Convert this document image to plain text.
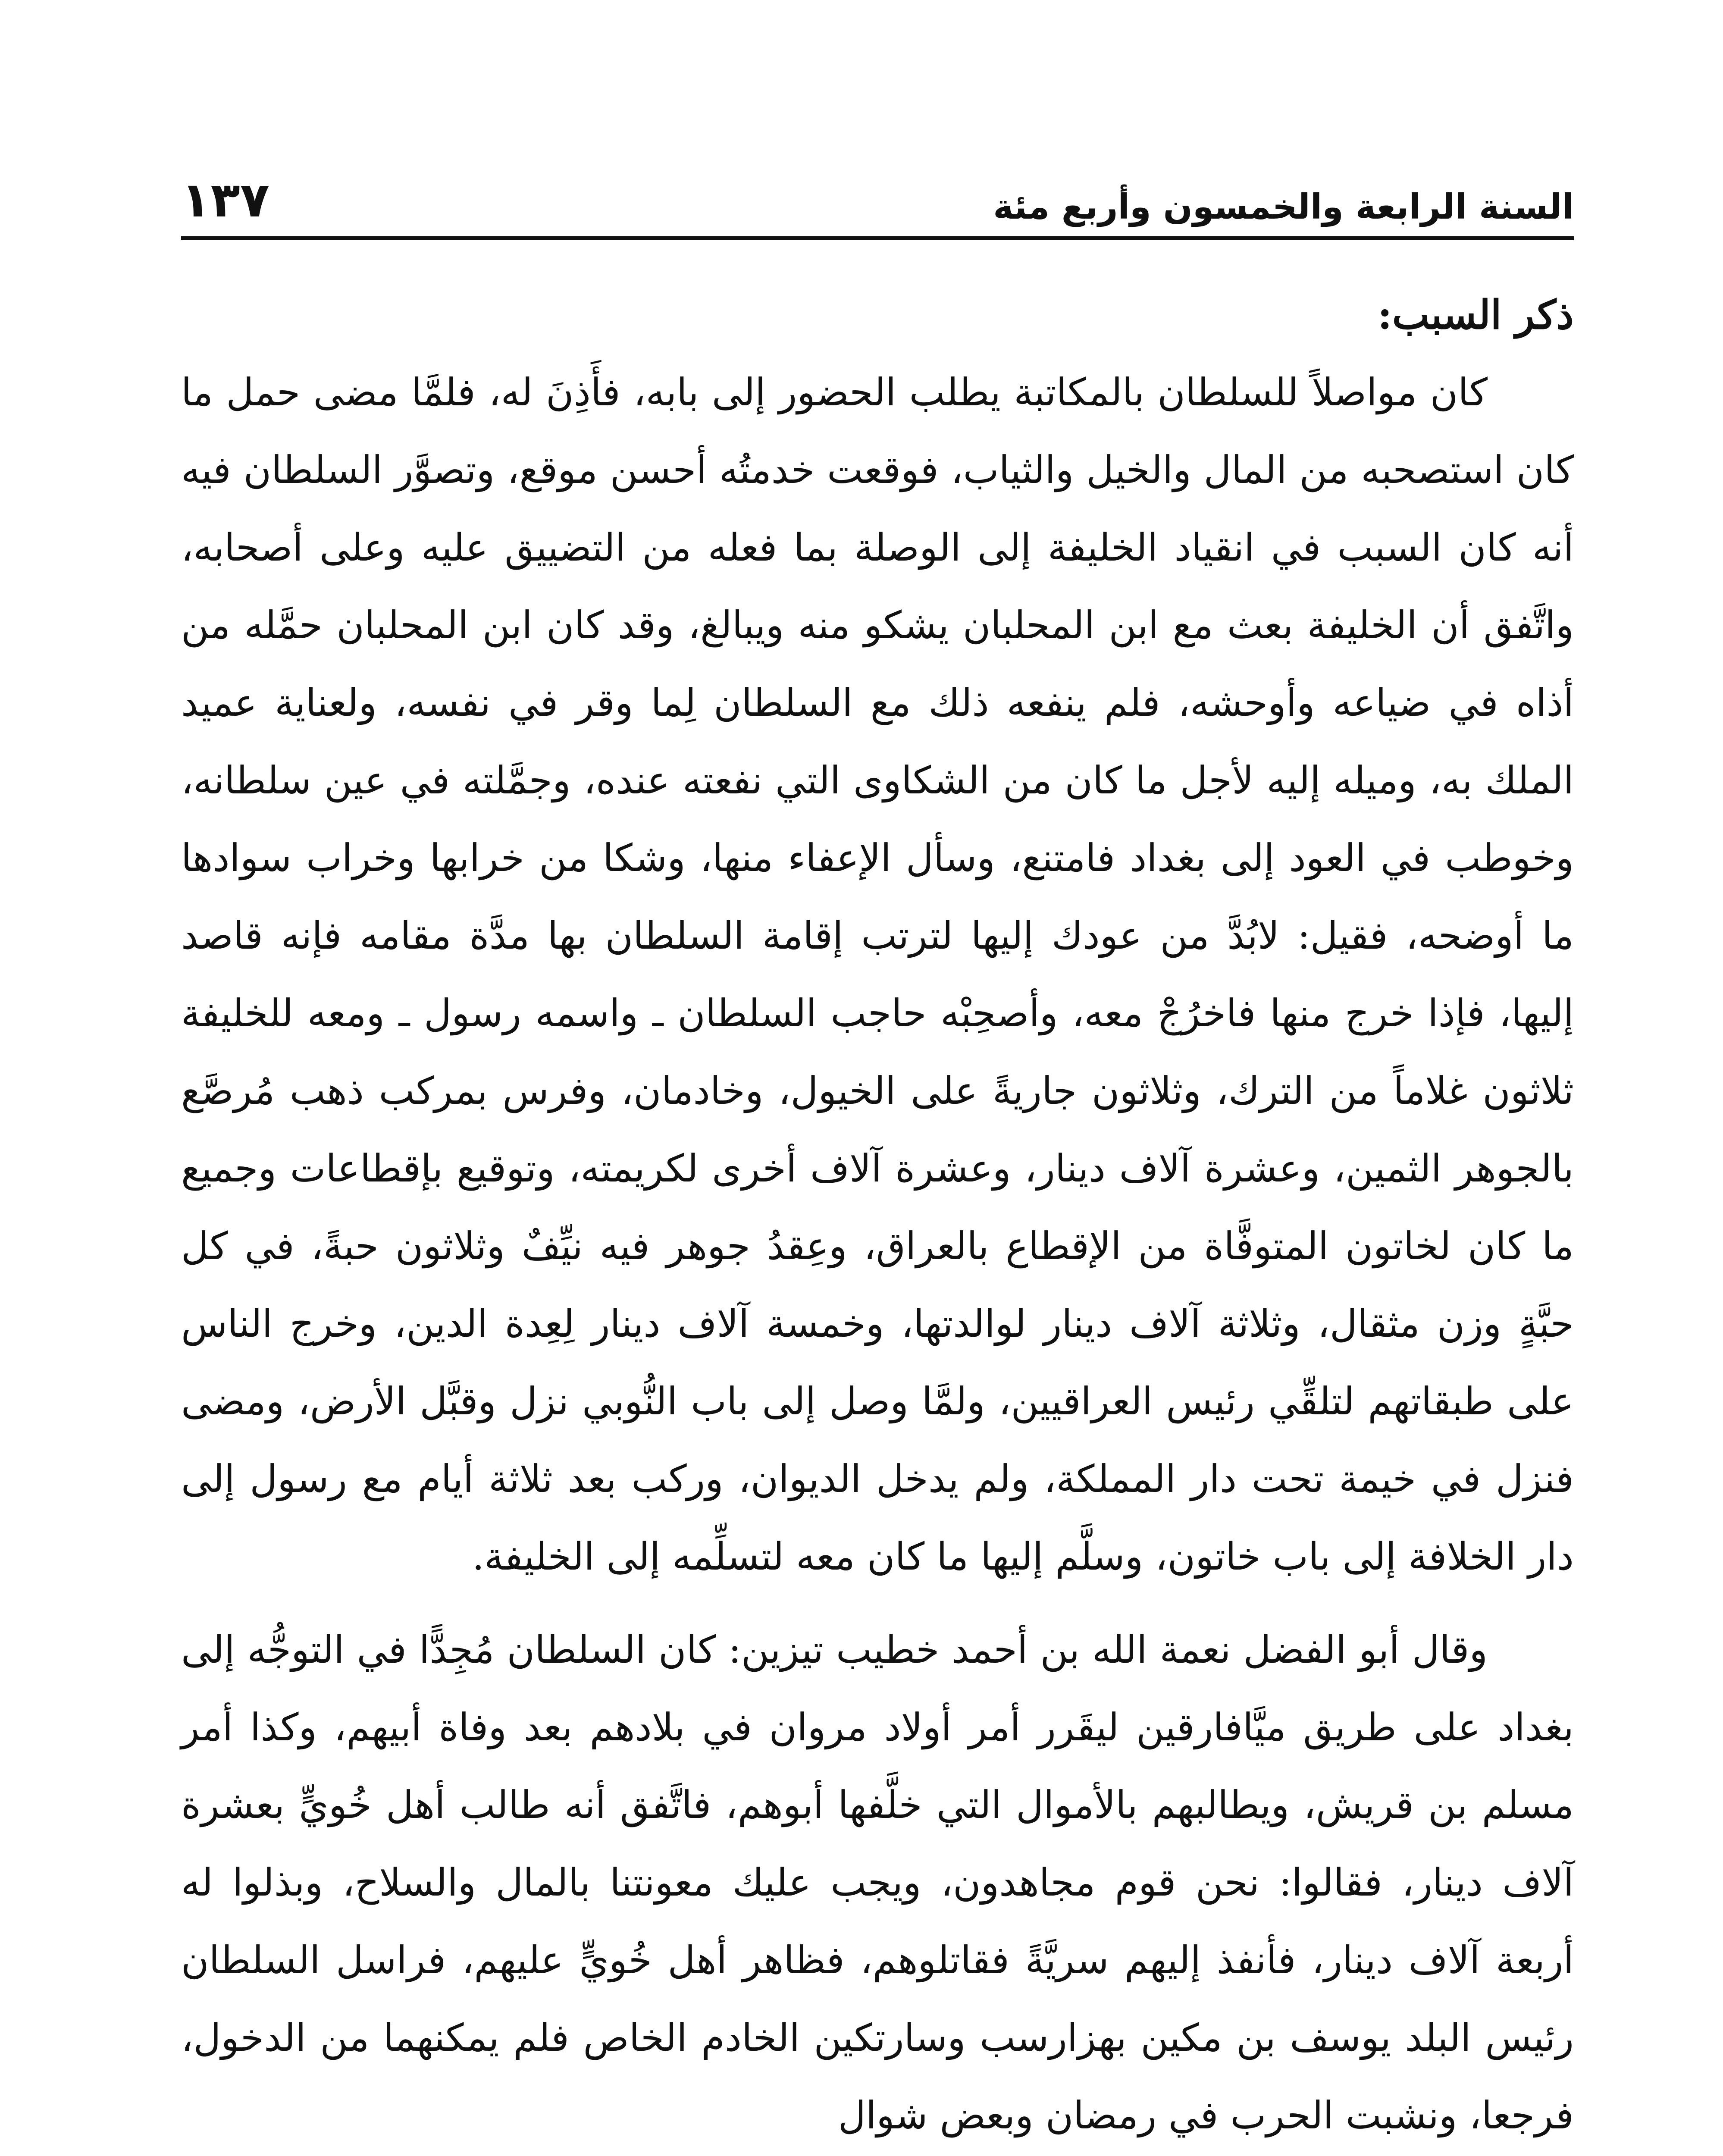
السنة الرابعة والخمسون وأربع مئة
١٣٧

ذكر السبب:

كان مواصلاً للسلطان بالمكاتبة يطلب الحضور إلى بابه، فأَذِنَ له، فلمَّا مضى حمل ما كان استصحبه من المال والخيل والثياب، فوقعت خدمتُه أحسن موقع، وتصوَّر السلطان فيه أنه كان السبب في انقياد الخليفة إلى الوصلة بما فعله من التضييق عليه وعلى أصحابه، واتَّفق أن الخليفة بعث مع ابن المحلبان يشكو منه ويبالغ، وقد كان ابن المحلبان حمَّله من أذاه في ضياعه وأوحشه، فلم ينفعه ذلك مع السلطان لِما وقر في نفسه، ولعناية عميد الملك به، وميله إليه لأجل ما كان من الشكاوى التي نفعته عنده، وجمَّلته في عين سلطانه، وخوطب في العود إلى بغداد فامتنع، وسأل الإعفاء منها، وشكا من خرابها وخراب سوادها ما أوضحه، فقيل: لابُدَّ من عودك إليها لترتب إقامة السلطان بها مدَّة مقامه فإنه قاصد إليها، فإذا خرج منها فاخرُجْ معه، وأصحِبْه حاجب السلطان ـ واسمه رسول ـ ومعه للخليفة ثلاثون غلاماً من الترك، وثلاثون جاريةً على الخيول، وخادمان، وفرس بمركب ذهب مُرصَّع بالجوهر الثمين، وعشرة آلاف دينار، وعشرة آلاف أخرى لكريمته، وتوقيع بإقطاعات وجميع ما كان لخاتون المتوفَّاة من الإقطاع بالعراق، وعِقدُ جوهر فيه نيِّفٌ وثلاثون حبةً، في كل حبَّةٍ وزن مثقال، وثلاثة آلاف دينار لوالدتها، وخمسة آلاف دينار لِعِدة الدين، وخرج الناس على طبقاتهم لتلقِّي رئيس العراقيين، ولمَّا وصل إلى باب النُّوبي نزل وقبَّل الأرض، ومضى فنزل في خيمة تحت دار المملكة، ولم يدخل الديوان، وركب بعد ثلاثة أيام مع رسول إلى دار الخلافة إلى باب خاتون، وسلَّم إليها ما كان معه لتسلِّمه إلى الخليفة.

وقال أبو الفضل نعمة الله بن أحمد خطيب تيزين: كان السلطان مُجِدًّا في التوجُّه إلى بغداد على طريق ميَّافارقين ليقَرر أمر أولاد مروان في بلادهم بعد وفاة أبيهم، وكذا أمر مسلم بن قريش، ويطالبهم بالأموال التي خلَّفها أبوهم، فاتَّفق أنه طالب أهل خُويٍّ بعشرة آلاف دينار، فقالوا: نحن قوم مجاهدون، ويجب عليك معونتنا بالمال والسلاح، وبذلوا له أربعة آلاف دينار، فأنفذ إليهم سريَّةً فقاتلوهم، فظاهر أهل خُويٍّ عليهم، فراسل السلطان رئيس البلد يوسف بن مكين بهزارسب وسارتكين الخادم الخاص فلم يمكنهما من الدخول، فرجعا، ونشبت الحرب في رمضان وبعض شوال
